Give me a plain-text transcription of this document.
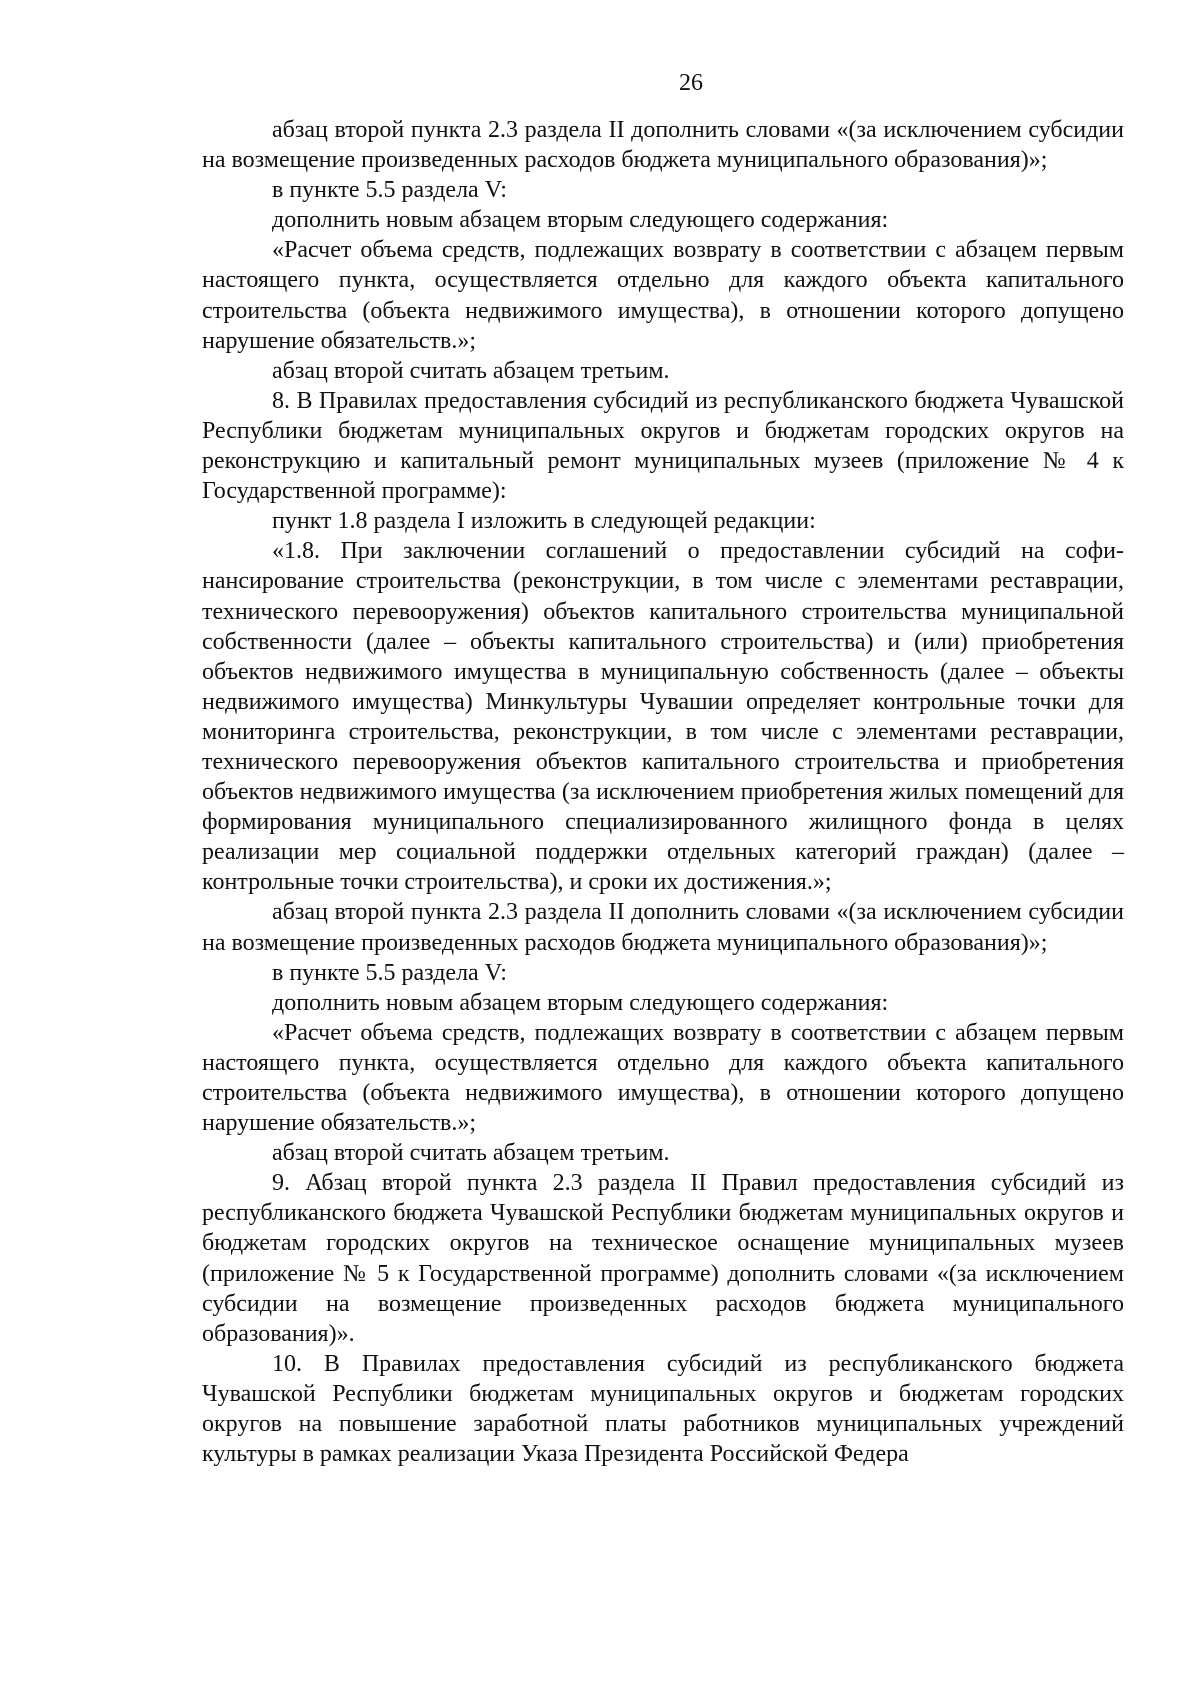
26

абзац второй пункта 2.3 раздела II дополнить словами «(за исключением субсидии на возмещение произведенных расходов бюджета муниципального образования)»;

в пункте 5.5 раздела V:

дополнить новым абзацем вторым следующего содержания:

«Расчет объема средств, подлежащих возврату в соответствии с абзацем первым настоящего пункта, осуществляется отдельно для каждого объекта капитального строительства (объекта недвижимого имущества), в отношении которого допущено нарушение обязательств.»;

абзац второй считать абзацем третьим.

8. В Правилах предоставления субсидий из республиканского бюджета Чувашской Республики бюджетам муниципальных округов и бюджетам городских округов на реконструкцию и капитальный ремонт муниципальных музеев (приложение № 4 к Государственной программе):

пункт 1.8 раздела I изложить в следующей редакции:

«1.8. При заключении соглашений о предоставлении субсидий на софинансирование строительства (реконструкции, в том числе с элементами реставрации, технического перевооружения) объектов капитального строительства муниципальной собственности (далее – объекты капитального строительства) и (или) приобретения объектов недвижимого имущества в муниципальную собственность (далее – объекты недвижимого имущества) Минкультуры Чувашии определяет контрольные точки для мониторинга строительства, реконструкции, в том числе с элементами реставрации, технического перевооружения объектов капитального строительства и приобретения объектов недвижимого имущества (за исключением приобретения жилых помещений для формирования муниципального специализированного жилищного фонда в целях реализации мер социальной поддержки отдельных категорий граждан) (далее – контрольные точки строительства), и сроки их достижения.»;

абзац второй пункта 2.3 раздела II дополнить словами «(за исключением субсидии на возмещение произведенных расходов бюджета муниципального образования)»;

в пункте 5.5 раздела V:

дополнить новым абзацем вторым следующего содержания:

«Расчет объема средств, подлежащих возврату в соответствии с абзацем первым настоящего пункта, осуществляется отдельно для каждого объекта капитального строительства (объекта недвижимого имущества), в отношении которого допущено нарушение обязательств.»;

абзац второй считать абзацем третьим.

9. Абзац второй пункта 2.3 раздела II Правил предоставления субсидий из республиканского бюджета Чувашской Республики бюджетам муниципальных округов и бюджетам городских округов на техническое оснащение муниципальных музеев (приложение № 5 к Государственной программе) дополнить словами «(за исключением субсидии на возмещение произведенных расходов бюджета муниципального образования)».

10. В Правилах предоставления субсидий из республиканского бюджета Чувашской Республики бюджетам муниципальных округов и бюджетам городских округов на повышение заработной платы работников муниципальных учреждений культуры в рамках реализации Указа Президента Российской Федера
